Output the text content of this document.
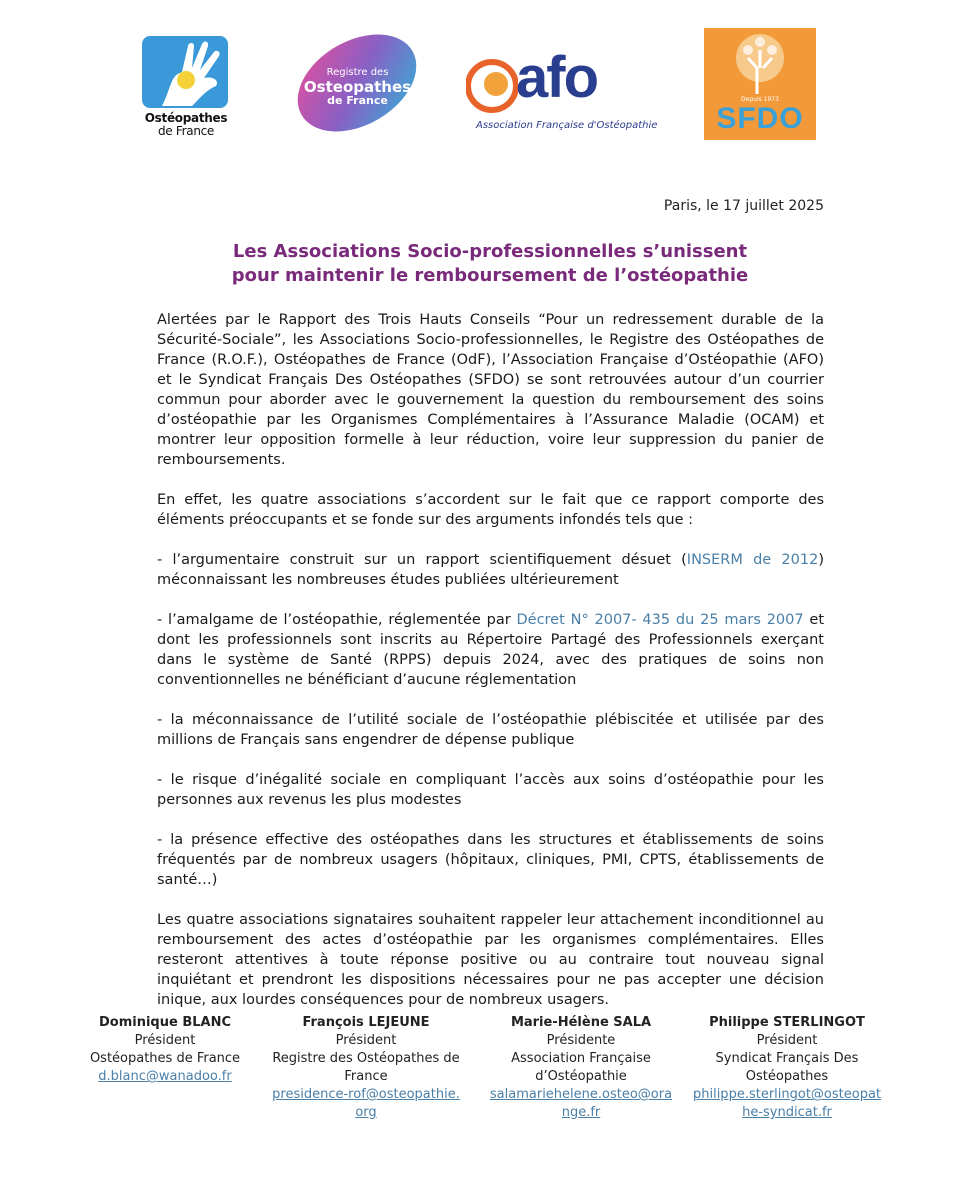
Ostéopathes
de France
Registre des
Osteopathes
de France	afo
Association Française d'Ostéopathie
Depuis 1973
SFDO
Paris, le 17 juillet 2025
Les Associations Socio-professionnelles s’unissent
pour maintenir le remboursement de l’ostéopathie

Alertées par le Rapport des Trois Hauts Conseils “Pour un redressement durable de la Sécurité-Sociale”, les Associations Socio-professionnelles, le Registre des Ostéopathes de France (R.O.F.), Ostéopathes de France (OdF), l’Association Française d’Ostéopathie (AFO) et le Syndicat Français Des Ostéopathes (SFDO) se sont retrouvées autour d’un courrier commun pour aborder avec le gouvernement la question du remboursement des soins d’ostéopathie par les Organismes Complémentaires à l’Assurance Maladie (OCAM) et montrer leur opposition formelle à leur réduction, voire leur suppression du panier de remboursements.

En effet, les quatre associations s’accordent sur le fait que ce rapport comporte des éléments préoccupants et se fonde sur des arguments infondés tels que :

- l’argumentaire construit sur un rapport scientifiquement désuet (INSERM de 2012) méconnaissant les nombreuses études publiées ultérieurement

- l’amalgame de l’ostéopathie, réglementée par Décret N° 2007- 435 du 25 mars 2007 et dont les professionnels sont inscrits au Répertoire Partagé des Professionnels exerçant dans le système de Santé (RPPS) depuis 2024, avec des pratiques de soins non conventionnelles ne bénéficiant d’aucune réglementation

- la méconnaissance de l’utilité sociale de l’ostéopathie plébiscitée et utilisée par des millions de Français sans engendrer de dépense publique

- le risque d’inégalité sociale en compliquant l’accès aux soins d’ostéopathie pour les personnes aux revenus les plus modestes

- la présence effective des ostéopathes dans les structures et établissements de soins fréquentés par de nombreux usagers (hôpitaux, cliniques, PMI, CPTS, établissements de santé…)

Les quatre associations signataires souhaitent rappeler leur attachement inconditionnel au remboursement des actes d’ostéopathie par les organismes complémentaires. Elles resteront attentives à toute réponse positive ou au contraire tout nouveau signal inquiétant et prendront les dispositions nécessaires pour ne pas accepter une décision inique, aux lourdes conséquences pour de nombreux usagers.

Dominique BLANC
Président
Ostéopathes de France
d.blanc@wanadoo.fr
François LEJEUNE
Président
Registre des Ostéopathes de France
presidence-rof@osteopathie.org
Marie-Hélène SALA
Présidente
Association Française d’Ostéopathie
salamariehelene.osteo@orange.fr
Philippe STERLINGOT
Président
Syndicat Français Des Ostéopathes
philippe.sterlingot@osteopathe-syndicat.fr
